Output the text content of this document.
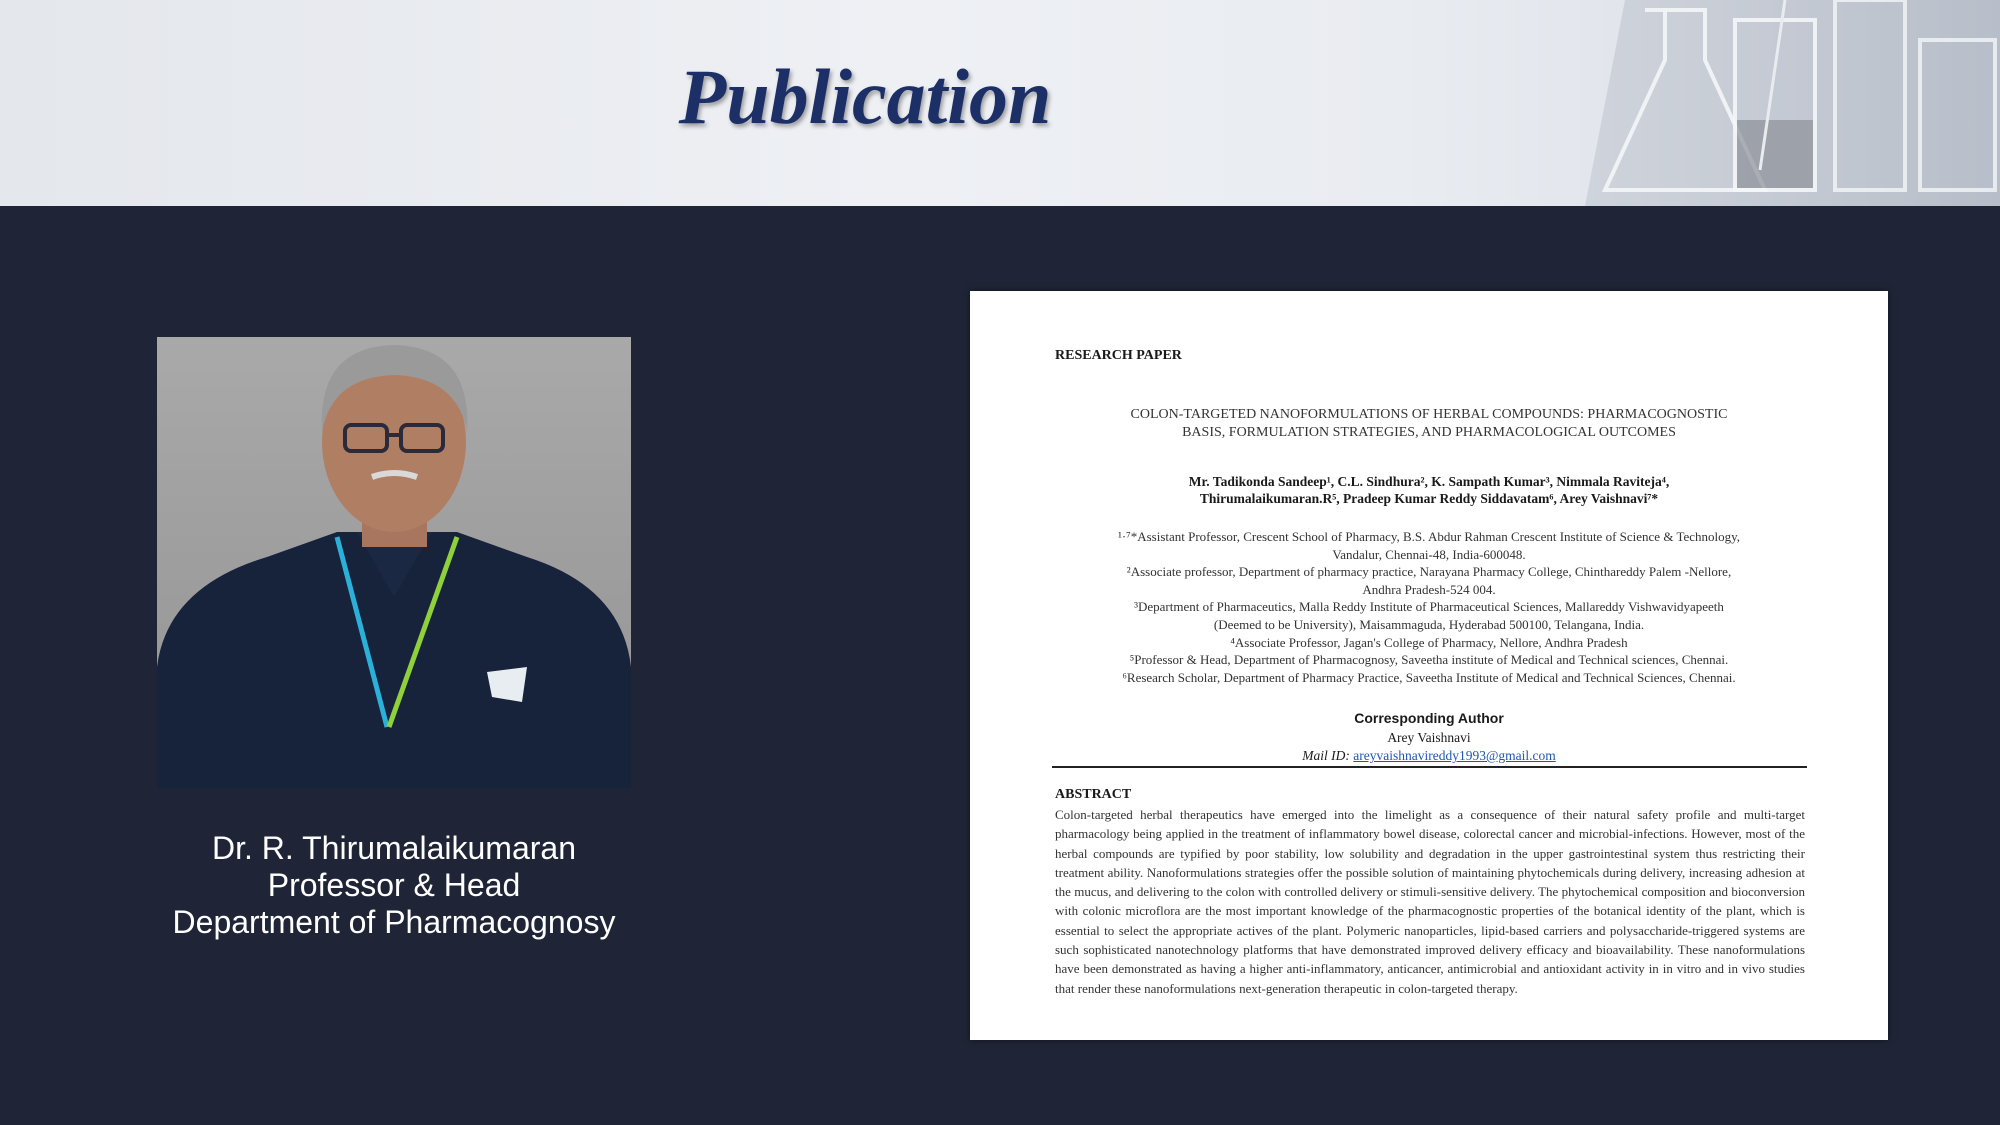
Publication
Dr. R. Thirumalaikumaran
Professor & Head
Department of Pharmacognosy
RESEARCH PAPER
COLON-TARGETED NANOFORMULATIONS OF HERBAL COMPOUNDS: PHARMACOGNOSTIC
BASIS, FORMULATION STRATEGIES, AND PHARMACOLOGICAL OUTCOMES
Mr. Tadikonda Sandeep¹, C.L. Sindhura², K. Sampath Kumar³, Nimmala Raviteja⁴,
Thirumalaikumaran.R⁵, Pradeep Kumar Reddy Siddavatam⁶, Arey Vaishnavi⁷*
¹·⁷*Assistant Professor, Crescent School of Pharmacy, B.S. Abdur Rahman Crescent Institute of Science & Technology,
Vandalur, Chennai-48, India-600048.
²Associate professor, Department of pharmacy practice, Narayana Pharmacy College, Chinthareddy Palem -Nellore,
Andhra Pradesh-524 004.
³Department of Pharmaceutics, Malla Reddy Institute of Pharmaceutical Sciences, Mallareddy Vishwavidyapeeth
(Deemed to be University), Maisammaguda, Hyderabad 500100, Telangana, India.
⁴Associate Professor, Jagan's College of Pharmacy, Nellore, Andhra Pradesh
⁵Professor & Head, Department of Pharmacognosy, Saveetha institute of Medical and Technical sciences, Chennai.
⁶Research Scholar, Department of Pharmacy Practice, Saveetha Institute of Medical and Technical Sciences, Chennai.
Corresponding Author
Arey Vaishnavi
Mail ID: areyvaishnavireddy1993@gmail.com
ABSTRACT
Colon-targeted herbal therapeutics have emerged into the limelight as a consequence of their natural safety profile and multi-target pharmacology being applied in the treatment of inflammatory bowel disease, colorectal cancer and microbial-infections. However, most of the herbal compounds are typified by poor stability, low solubility and degradation in the upper gastrointestinal system thus restricting their treatment ability. Nanoformulations strategies offer the possible solution of maintaining phytochemicals during delivery, increasing adhesion at the mucus, and delivering to the colon with controlled delivery or stimuli-sensitive delivery. The phytochemical composition and bioconversion with colonic microflora are the most important knowledge of the pharmacognostic properties of the botanical identity of the plant, which is essential to select the appropriate actives of the plant. Polymeric nanoparticles, lipid-based carriers and polysaccharide-triggered systems are such sophisticated nanotechnology platforms that have demonstrated improved delivery efficacy and bioavailability. These nanoformulations have been demonstrated as having a higher anti-inflammatory, anticancer, antimicrobial and antioxidant activity in in vitro and in vivo studies that render these nanoformulations next-generation therapeutic in colon-targeted therapy.
